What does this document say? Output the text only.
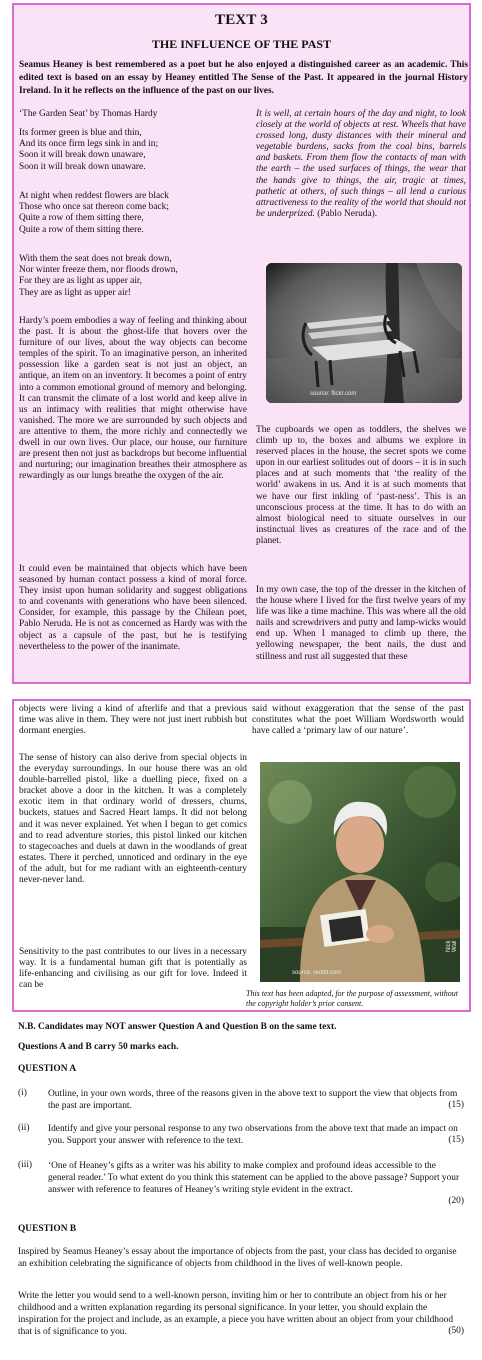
TEXT 3
THE INFLUENCE OF THE PAST
Seamus Heaney is best remembered as a poet but he also enjoyed a distinguished career as an academic. This edited text is based on an essay by Heaney entitled The Sense of the Past. It appeared in the journal History Ireland. In it he reflects on the influence of the past on our lives.
‘The Garden Seat’ by Thomas Hardy
Its former green is blue and thin,
And its once firm legs sink in and in;
Soon it will break down unaware,
Soon it will break down unaware.
At night when reddest flowers are black
Those who once sat thereon come back;
Quite a row of them sitting there,
Quite a row of them sitting there.
With them the seat does not break down,
Nor winter freeze them, nor floods drown,
For they are as light as upper air,
They are as light as upper air!
Hardy’s poem embodies a way of feeling and thinking about the past. It is about the ghost-life that hovers over the furniture of our lives, about the way objects can become temples of the spirit. To an imaginative person, an inherited possession like a garden seat is not just an object, an antique, an item on an inventory. It becomes a point of entry into a common emotional ground of memory and belonging. It can transmit the climate of a lost world and keep alive in us an intimacy with realities that might otherwise have vanished. The more we are surrounded by such objects and are attentive to them, the more richly and connectedly we dwell in our own lives. Our place, our house, our furniture are present then not just as backdrops but become influential and nurturing; our imagination breathes their atmosphere as rewardingly as our lungs breathe the oxygen of the air.
It could even be maintained that objects which have been seasoned by human contact possess a kind of moral force. They insist upon human solidarity and suggest obligations to and covenants with generations who have been silenced. Consider, for example, this passage by the Chilean poet, Pablo Neruda. He is not as concerned as Hardy was with the object as a capsule of the past, but he is testifying nevertheless to the power of the inanimate.
It is well, at certain hours of the day and night, to look closely at the world of objects at rest. Wheels that have crossed long, dusty distances with their mineral and vegetable burdens, sacks from the coal bins, barrels and baskets. From them flow the contacts of man with the earth – the used surfaces of things, the wear that the hands give to things, the air, tragic at times, pathetic at others, of such things – all lend a curious attractiveness to the reality of the world that should not be underprized. (Pablo Neruda).
source: flickr.com
The cupboards we open as toddlers, the shelves we climb up to, the boxes and albums we explore in reserved places in the house, the secret spots we come upon in our earliest solitudes out of doors – it is in such places and at such moments that ‘the reality of the world’ awakens in us. And it is at such moments that we have our first inkling of ‘past-ness’. This is an unconscious process at the time. It has to do with an almost biological need to situate ourselves in our instinctual lives as creatures of the race and of the planet.
In my own case, the top of the dresser in the kitchen of the house where I lived for the first twelve years of my life was like a time machine. This was where all the old nails and screwdrivers and putty and lamp-wicks would end up. When I managed to climb up there, the yellowing newspaper, the bent nails, the dust and stillness and rust all suggested that these
objects were living a kind of afterlife and that a previous time was alive in them. They were not just inert rubbish but dormant energies.
The sense of history can also derive from special objects in the everyday surroundings. In our house there was an old double-barrelled pistol, like a duelling piece, fixed on a bracket above a door in the kitchen. It was a completely exotic item in that ordinary world of dressers, churns, buckets, statues and Sacred Heart lamps. It did not belong and it was never explained. Yet when I began to get comics and to read adventure stories, this pistol linked our kitchen to stagecoaches and duels at dawn in the woodlands of great estates. There it perched, unnoticed and ordinary in the eye of the adult, but for me radiant with an eighteenth-century never-never land.
Sensitivity to the past contributes to our lives in a necessary way. It is a fundamental human gift that is potentially as life-enhancing and civilising as our gift for love. Indeed it can be
said without exaggeration that the sense of the past constitutes what the poet William Wordsworth would have called a ‘primary law of our nature’.
source: reddit.com
Nick Wall
This text has been adapted, for the purpose of assessment, without the copyright holder’s prior consent.
N.B. Candidates may NOT answer Question A and Question B on the same text.
Questions A and B carry 50 marks each.
QUESTION A
(i) Outline, in your own words, three of the reasons given in the above text to support the view that objects from the past are important.	(15)
(ii) Identify and give your personal response to any two observations from the above text that made an impact on you. Support your answer with reference to the text.	(15)
(iii) ‘One of Heaney’s gifts as a writer was his ability to make complex and profound ideas accessible to the general reader.’ To what extent do you think this statement can be applied to the above passage? Support your answer with reference to features of Heaney’s writing style evident in the extract.
(20)
QUESTION B
Inspired by Seamus Heaney’s essay about the importance of objects from the past, your class has decided to organise an exhibition celebrating the significance of objects from childhood in the lives of well-known people.
Write the letter you would send to a well-known person, inviting him or her to contribute an object from his or her childhood and a written explanation regarding its personal significance. In your letter, you should explain the inspiration for the project and include, as an example, a piece you have written about an object from your childhood that is of significance to you.	(50)
